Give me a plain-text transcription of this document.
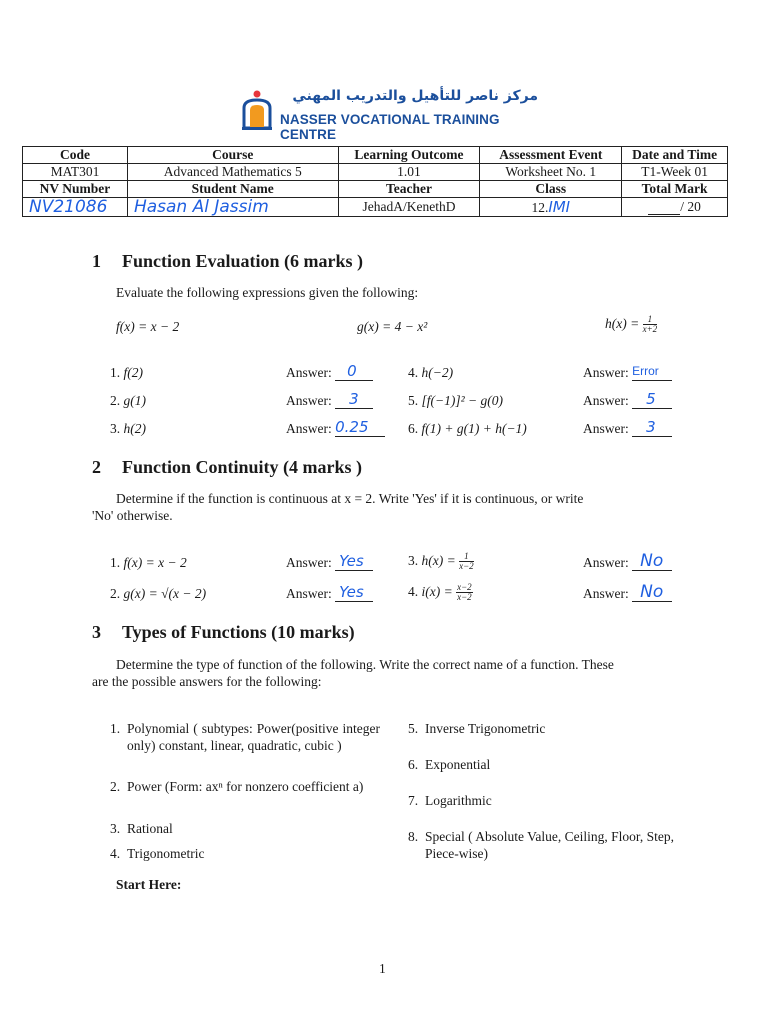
مركز ناصر للتأهيل والتدريب المهني
NASSER VOCATIONAL TRAINING CENTRE
Code	Course	Learning Outcome	Assessment Event	Date and Time
MAT301	Advanced Mathematics 5	1.01	Worksheet No. 1	T1-Week 01
NV Number	Student Name	Teacher	Class	Total Mark
NV21086	Hasan Al Jassim	JehadA/KenethD	12.IMI	/ 20
1 Function Evaluation (6 marks )
Evaluate the following expressions given the following:
f(x) = x − 2	g(x) = 4 − x²	$h(x) = \frac{1}{x+2}$
1. f(2)	Answer: 0
2. g(1)	Answer: 3
3. h(2)	Answer: 0.25
4. h(−2)	Answer: Error
5. [f(−1)]² − g(0)	Answer: 5
6. f(1) + g(1) + h(−1)	Answer: 3
2 Function Continuity (4 marks )
Determine if the function is continuous at x = 2. Write 'Yes' if it is continuous, or write
'No' otherwise.
1. f(x) = x − 2	Answer: Yes
2. g(x) = √(x − 2)	Answer: Yes
3. $h(x) = \frac{1}{x-2}$	Answer: No
4. $i(x) = \frac{x-2}{x-2}$	Answer: No
3 Types of Functions (10 marks)
Determine the type of function of the following. Write the correct name of a function. These
are the possible answers for the following:
1. Polynomial ( subtypes: Power(positive integer only) constant, linear, quadratic, cubic )
2. Power (Form: axⁿ for nonzero coefficient a)
3. Rational
4. Trigonometric
5. Inverse Trigonometric
6. Exponential
7. Logarithmic
8. Special ( Absolute Value, Ceiling, Floor, Step, Piece-wise)
Start Here:
1
